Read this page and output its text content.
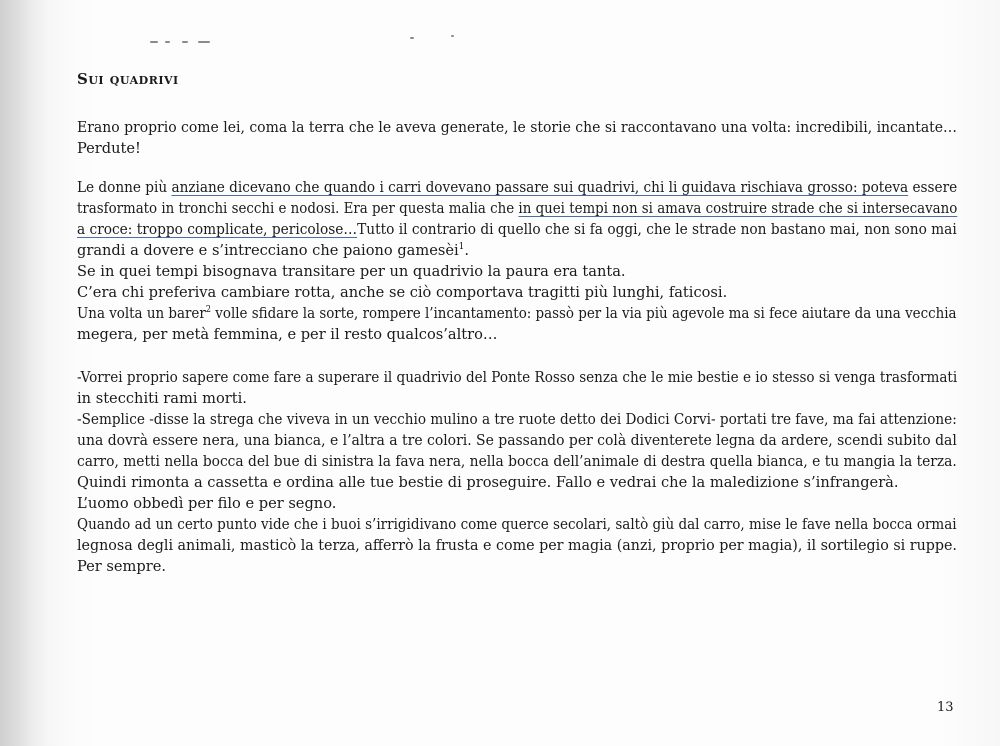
Sui quadrivi
Erano proprio come lei, coma la terra che le aveva generate, le storie che si raccontavano una volta: incredibili, incantate…
Perdute!
Le donne più anziane dicevano che quando i carri dovevano passare sui quadrivi, chi li guidava rischiava grosso: poteva essere
trasformato in tronchi secchi e nodosi. Era per questa malia che in quei tempi non si amava costruire strade che si intersecavano
a croce: troppo complicate, pericolose…Tutto il contrario di quello che si fa oggi, che le strade non bastano mai, non sono mai
grandi a dovere e s’intrecciano che paiono gamesèi$^1$.
Se in quei tempi bisognava transitare per un quadrivio la paura era tanta.
C’era chi preferiva cambiare rotta, anche se ciò comportava tragitti più lunghi, faticosi.
Una volta un barer$^2$ volle sfidare la sorte, rompere l’incantamento: passò per la via più agevole ma si fece aiutare da una vecchia
megera, per metà femmina, e per il resto qualcos’altro…
-Vorrei proprio sapere come fare a superare il quadrivio del Ponte Rosso senza che le mie bestie e io stesso si venga trasformati
in stecchiti rami morti.
-Semplice -disse la strega che viveva in un vecchio mulino a tre ruote detto dei Dodici Corvi- portati tre fave, ma fai attenzione:
una dovrà essere nera, una bianca, e l’altra a tre colori. Se passando per colà diventerete legna da ardere, scendi subito dal
carro, metti nella bocca del bue di sinistra la fava nera, nella bocca dell’animale di destra quella bianca, e tu mangia la terza.
Quindi rimonta a cassetta e ordina alle tue bestie di proseguire. Fallo e vedrai che la maledizione s’infrangerà.
L’uomo obbedì per filo e per segno.
Quando ad un certo punto vide che i buoi s’irrigidivano come querce secolari, saltò giù dal carro, mise le fave nella bocca ormai
legnosa degli animali, masticò la terza, afferrò la frusta e come per magia (anzi, proprio per magia), il sortilegio si ruppe.
Per sempre.
13
